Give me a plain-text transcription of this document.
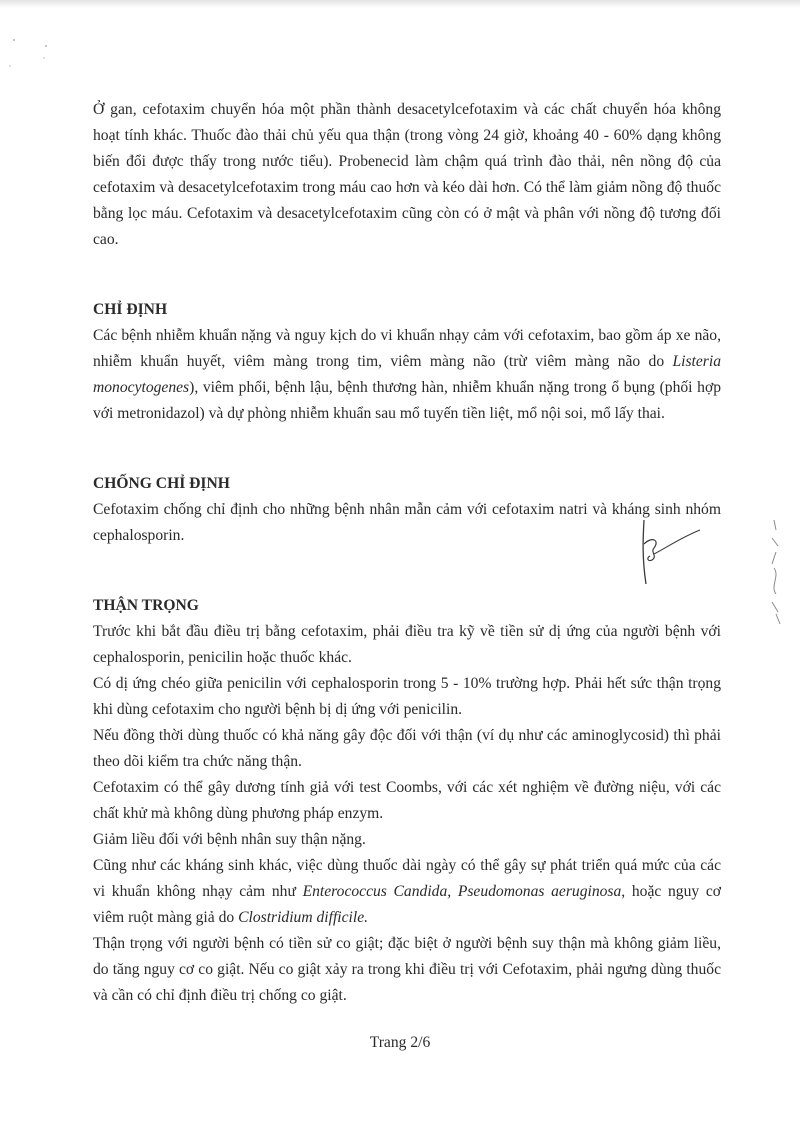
Ở gan, cefotaxim chuyển hóa một phần thành desacetylcefotaxim và các chất chuyển hóa không hoạt tính khác. Thuốc đào thải chủ yếu qua thận (trong vòng 24 giờ, khoảng 40 - 60% dạng không biến đổi được thấy trong nước tiểu). Probenecid làm chậm quá trình đào thải, nên nồng độ của cefotaxim và desacetylcefotaxim trong máu cao hơn và kéo dài hơn. Có thể làm giảm nồng độ thuốc bằng lọc máu. Cefotaxim và desacetylcefotaxim cũng còn có ở mật và phân với nồng độ tương đối cao.

CHỈ ĐỊNH

Các bệnh nhiễm khuẩn nặng và nguy kịch do vi khuẩn nhạy cảm với cefotaxim, bao gồm áp xe não, nhiễm khuẩn huyết, viêm màng trong tim, viêm màng não (trừ viêm màng não do Listeria monocytogenes), viêm phổi, bệnh lậu, bệnh thương hàn, nhiễm khuẩn nặng trong ổ bụng (phối hợp với metronidazol) và dự phòng nhiễm khuẩn sau mổ tuyến tiền liệt, mổ nội soi, mổ lấy thai.

CHỐNG CHỈ ĐỊNH

Cefotaxim chống chỉ định cho những bệnh nhân mẫn cảm với cefotaxim natri và kháng sinh nhóm cephalosporin.

THẬN TRỌNG

Trước khi bắt đầu điều trị bằng cefotaxim, phải điều tra kỹ về tiền sử dị ứng của người bệnh với cephalosporin, penicilin hoặc thuốc khác.

Có dị ứng chéo giữa penicilin với cephalosporin trong 5 - 10% trường hợp. Phải hết sức thận trọng khi dùng cefotaxim cho người bệnh bị dị ứng với penicilin.

Nếu đồng thời dùng thuốc có khả năng gây độc đối với thận (ví dụ như các aminoglycosid) thì phải theo dõi kiểm tra chức năng thận.

Cefotaxim có thể gây dương tính giả với test Coombs, với các xét nghiệm về đường niệu, với các chất khử mà không dùng phương pháp enzym.

Giảm liều đối với bệnh nhân suy thận nặng.

Cũng như các kháng sinh khác, việc dùng thuốc dài ngày có thể gây sự phát triển quá mức của các vi khuẩn không nhạy cảm như Enterococcus Candida, Pseudomonas aeruginosa, hoặc nguy cơ viêm ruột màng giả do Clostridium difficile.

Thận trọng với người bệnh có tiền sử co giật; đặc biệt ở người bệnh suy thận mà không giảm liều, do tăng nguy cơ co giật. Nếu co giật xảy ra trong khi điều trị với Cefotaxim, phải ngưng dùng thuốc và cần có chỉ định điều trị chống co giật.

Trang 2/6
